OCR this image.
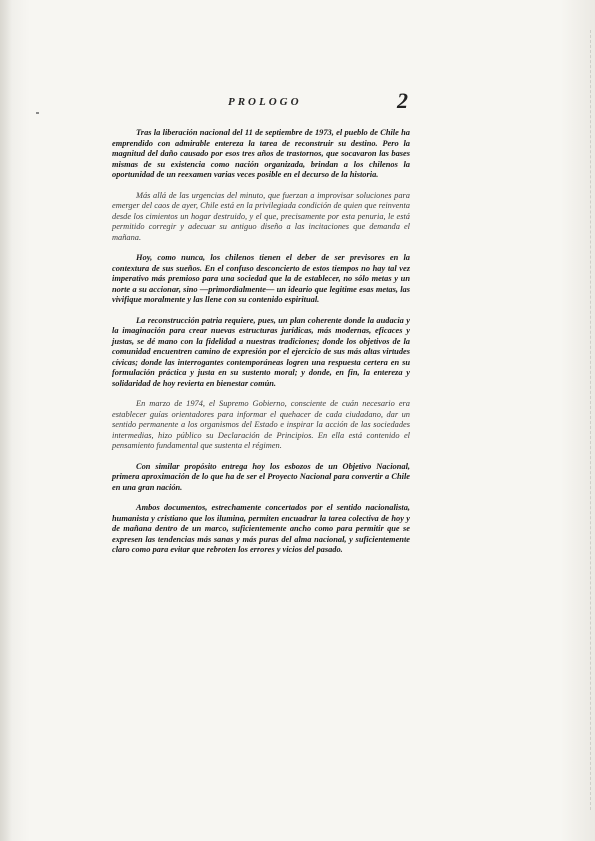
PROLOGO	2

Tras la liberación nacional del 11 de septiembre de 1973, el pueblo de Chile ha emprendido con admirable entereza la tarea de reconstruir su destino. Pero la magnitud del daño causado por esos tres años de trastornos, que socavaron las bases mismas de su existencia como nación organizada, brindan a los chilenos la oportunidad de un reexamen varias veces posible en el decurso de la historia.

Más allá de las urgencias del minuto, que fuerzan a improvisar soluciones para emerger del caos de ayer, Chile está en la privilegiada condición de quien que reinventa desde los cimientos un hogar destruido, y el que, precisamente por esta penuria, le está permitido corregir y adecuar su antiguo diseño a las incitaciones que demanda el mañana.

Hoy, como nunca, los chilenos tienen el deber de ser previsores en la contextura de sus sueños. En el confuso desconcierto de estos tiempos no hay tal vez imperativo más premioso para una sociedad que la de establecer, no sólo metas y un norte a su accionar, sino —primordialmente— un ideario que legitime esas metas, las vivifique moralmente y las llene con su contenido espiritual.

La reconstrucción patria requiere, pues, un plan coherente donde la audacia y la imaginación para crear nuevas estructuras jurídicas, más modernas, eficaces y justas, se dé mano con la fidelidad a nuestras tradiciones; donde los objetivos de la comunidad encuentren camino de expresión por el ejercicio de sus más altas virtudes cívicas; donde las interrogantes contemporáneas logren una respuesta certera en su formulación práctica y justa en su sustento moral; y donde, en fin, la entereza y solidaridad de hoy revierta en bienestar común.

En marzo de 1974, el Supremo Gobierno, consciente de cuán necesario era establecer guías orientadores para informar el quehacer de cada ciudadano, dar un sentido permanente a los organismos del Estado e inspirar la acción de las sociedades intermedias, hizo público su Declaración de Principios. En ella está contenido el pensamiento fundamental que sustenta el régimen.

Con similar propósito entrega hoy los esbozos de un Objetivo Nacional, primera aproximación de lo que ha de ser el Proyecto Nacional para convertir a Chile en una gran nación.

Ambos documentos, estrechamente concertados por el sentido nacionalista, humanista y cristiano que los ilumina, permiten encuadrar la tarea colectiva de hoy y de mañana dentro de un marco, suficientemente ancho como para permitir que se expresen las tendencias más sanas y más puras del alma nacional, y suficientemente claro como para evitar que rebroten los errores y vicios del pasado.
